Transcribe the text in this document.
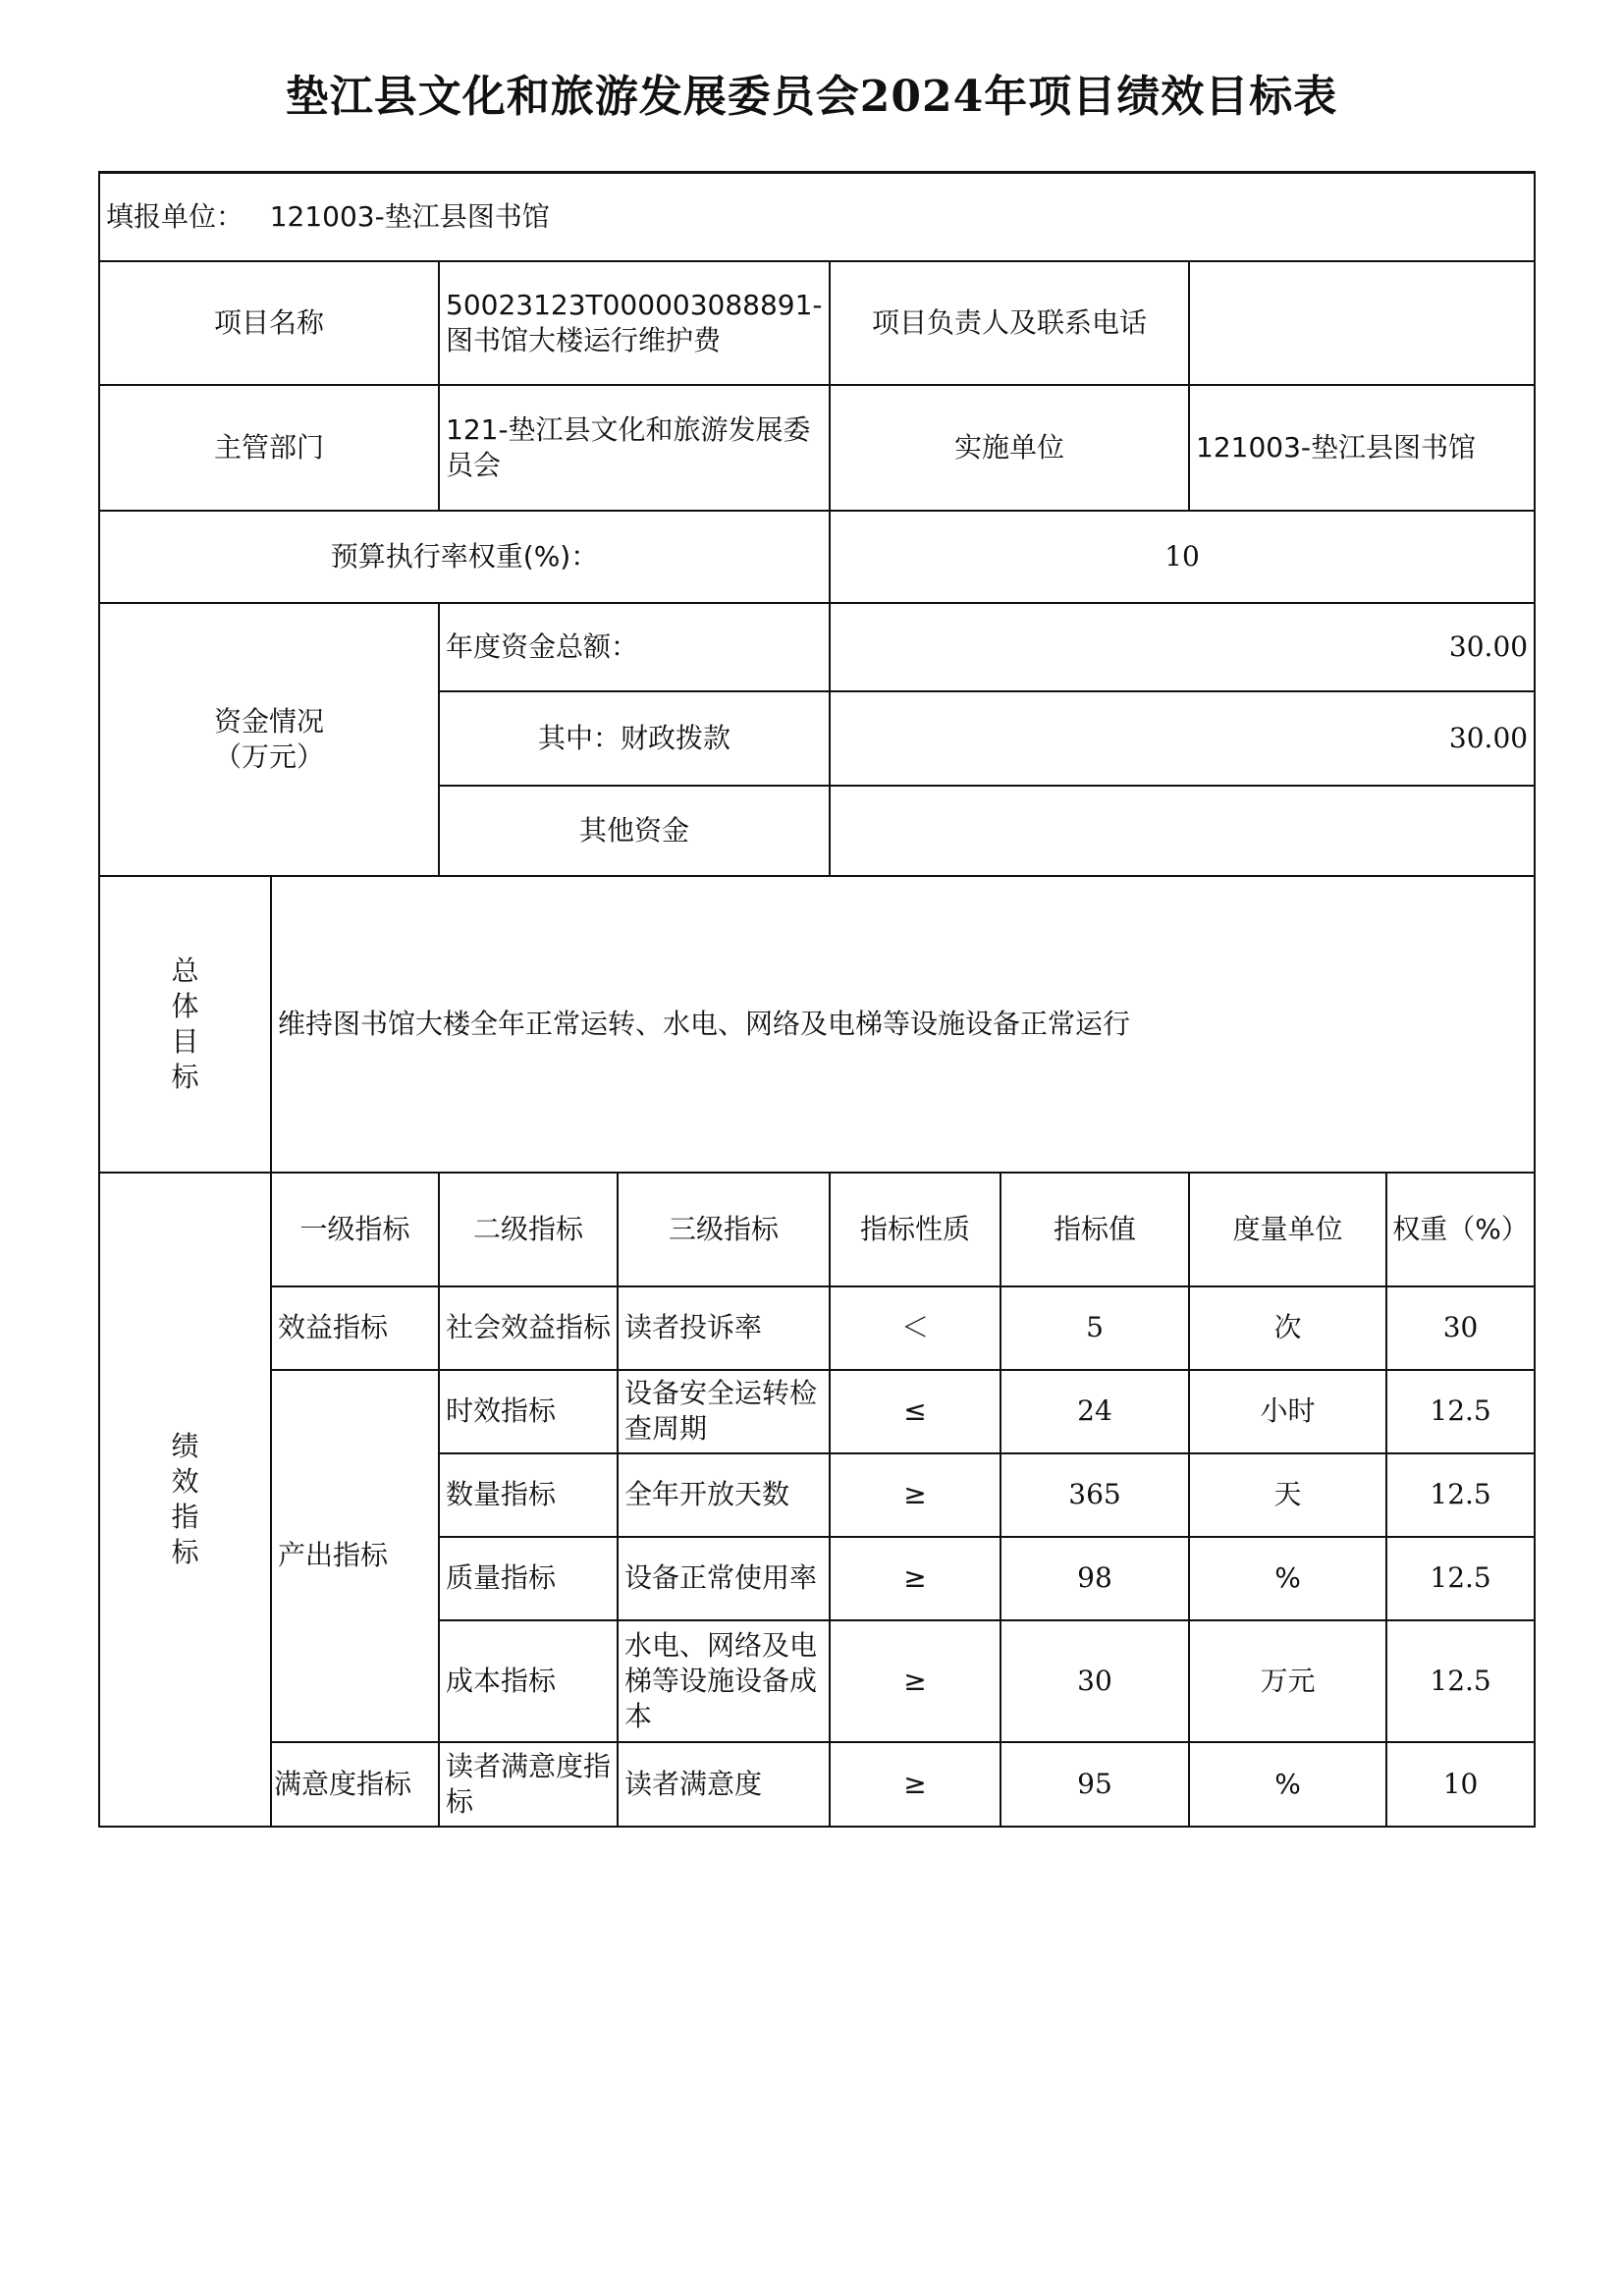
垫江县文化和旅游发展委员会2024年项目绩效目标表
填报单位： 121003-垫江县图书馆							
项目名称		50023123T000003088891-图书馆大楼运行维护费		项目负责人及联系电话			
主管部门		121-垫江县文化和旅游发展委员会		实施单位		121003-垫江县图书馆	
预算执行率权重(%)：				10			

资金情况
（万元）		年度资金总额：		30.00			
		其中：财政拨款		30.00			
		其他资金					

总
体
目
标	维持图书馆大楼全年正常运转、水电、网络及电梯等设施设备正常运行						

绩
效
指
标	一级指标	二级指标	三级指标	指标性质	指标值	度量单位	权重（%）
	效益指标	社会效益指标	读者投诉率	＜	5	次	30
	产出指标	时效指标	设备安全运转检查周期	≤	24	小时	12.5
		数量指标	全年开放天数	≥	365	天	12.5
		质量指标	设备正常使用率	≥	98	%	12.5
		成本指标	水电、网络及电梯等设施设备成本	≥	30	万元	12.5
	满意度指标	读者满意度指标	读者满意度	≥	95	%	10
